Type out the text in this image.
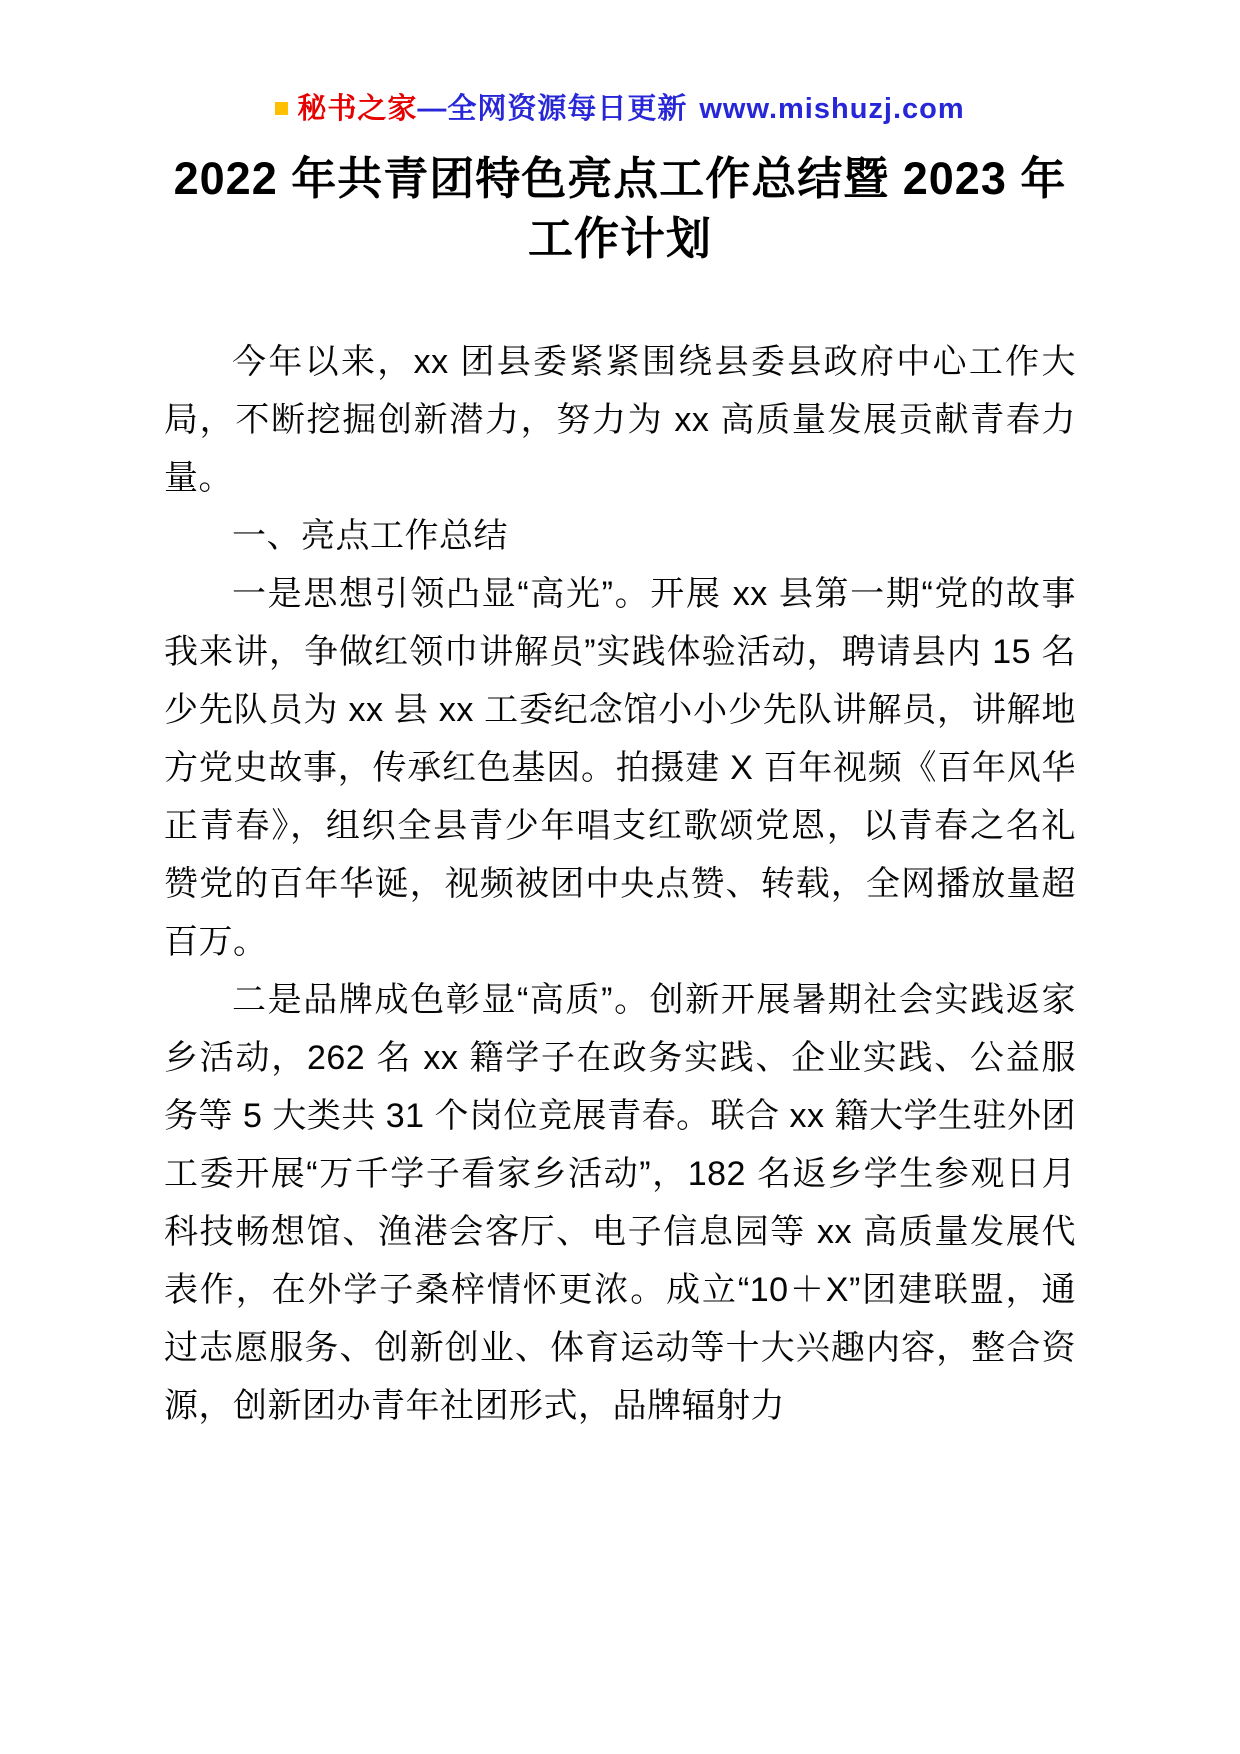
秘书之家—全网资源每日更新 www.mishuzj.com
2022 年共青团特色亮点工作总结暨 2023 年
工作计划

今年以来，xx 团县委紧紧围绕县委县政府中心工作大局，不断挖掘创新潜力，努力为 xx 高质量发展贡献青春力量。

一、亮点工作总结

一是思想引领凸显“高光”。开展 xx 县第一期“党的故事我来讲，争做红领巾讲解员”实践体验活动，聘请县内 15 名少先队员为 xx 县 xx 工委纪念馆小小少先队讲解员，讲解地方党史故事，传承红色基因。拍摄建 X 百年视频《百年风华正青春》，组织全县青少年唱支红歌颂党恩，以青春之名礼赞党的百年华诞，视频被团中央点赞、转载，全网播放量超百万。

二是品牌成色彰显“高质”。创新开展暑期社会实践返家乡活动，262 名 xx 籍学子在政务实践、企业实践、公益服务等 5 大类共 31 个岗位竞展青春。联合 xx 籍大学生驻外团工委开展“万千学子看家乡活动”，182 名返乡学生参观日月科技畅想馆、渔港会客厅、电子信息园等 xx 高质量发展代表作，在外学子桑梓情怀更浓。成立“10＋X”团建联盟，通过志愿服务、创新创业、体育运动等十大兴趣内容，整合资源，创新团办青年社团形式，品牌辐射力
